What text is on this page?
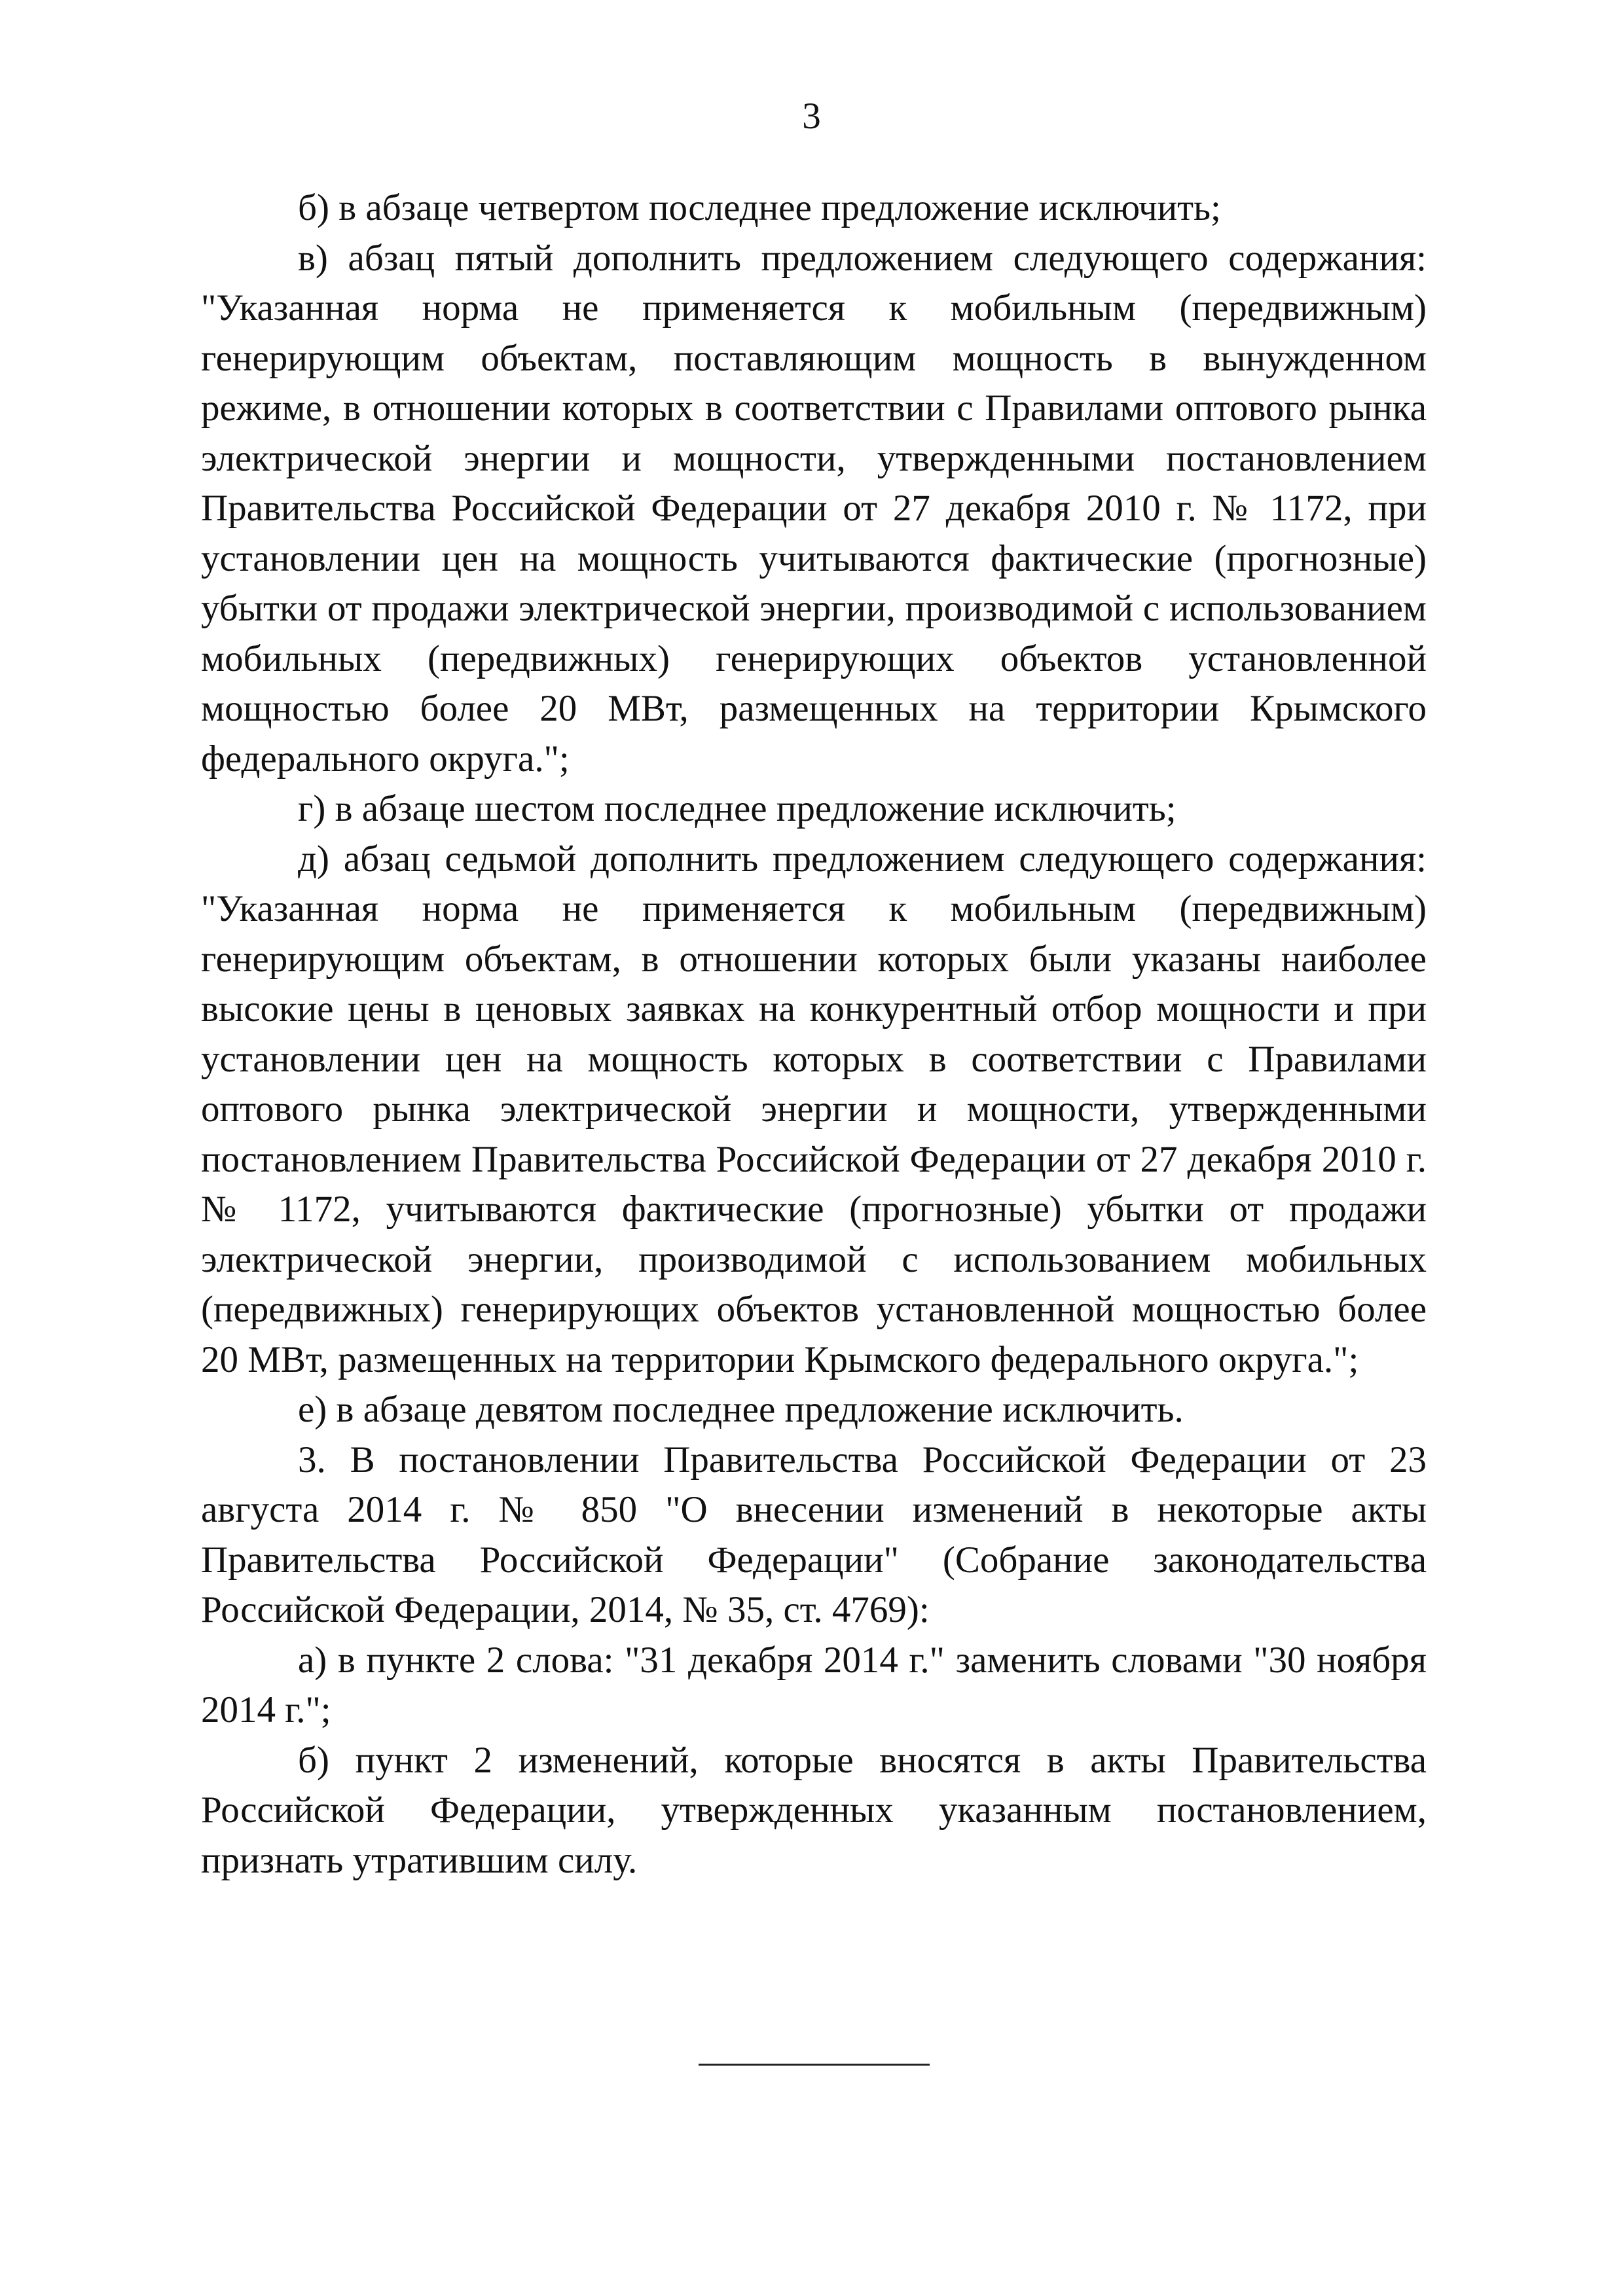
3

б) в абзаце четвертом последнее предложение исключить;

в) абзац пятый дополнить предложением следующего содержания: "Указанная норма не применяется к мобильным (передвижным) генерирующим объектам, поставляющим мощность в вынужденном режиме, в отношении которых в соответствии с Правилами оптового рынка электрической энергии и мощности, утвержденными постановлением Правительства Российской Федерации от 27 декабря 2010 г. № 1172, при установлении цен на мощность учитываются фактические (прогнозные) убытки от продажи электрической энергии, производимой с использованием мобильных (передвижных) генерирующих объектов установленной мощностью более 20 МВт, размещенных на территории Крымского федерального округа.";

г) в абзаце шестом последнее предложение исключить;

д) абзац седьмой дополнить предложением следующего содержания: "Указанная норма не применяется к мобильным (передвижным) генерирующим объектам, в отношении которых были указаны наиболее высокие цены в ценовых заявках на конкурентный отбор мощности и при установлении цен на мощность которых в соответствии с Правилами оптового рынка электрической энергии и мощности, утвержденными постановлением Правительства Российской Федерации от 27 декабря 2010 г. № 1172, учитываются фактические (прогнозные) убытки от продажи электрической энергии, производимой с использованием мобильных (передвижных) генерирующих объектов установленной мощностью более 20 МВт, размещенных на территории Крымского федерального округа.";

е) в абзаце девятом последнее предложение исключить.

3. В постановлении Правительства Российской Федерации от 23 августа 2014 г. № 850 "О внесении изменений в некоторые акты Правительства Российской Федерации" (Собрание законодательства Российской Федерации, 2014, № 35, ст. 4769):

а) в пункте 2 слова: "31 декабря 2014 г." заменить словами "30 ноября 2014 г.";

б) пункт 2 изменений, которые вносятся в акты Правительства Российской Федерации, утвержденных указанным постановлением, признать утратившим силу.
